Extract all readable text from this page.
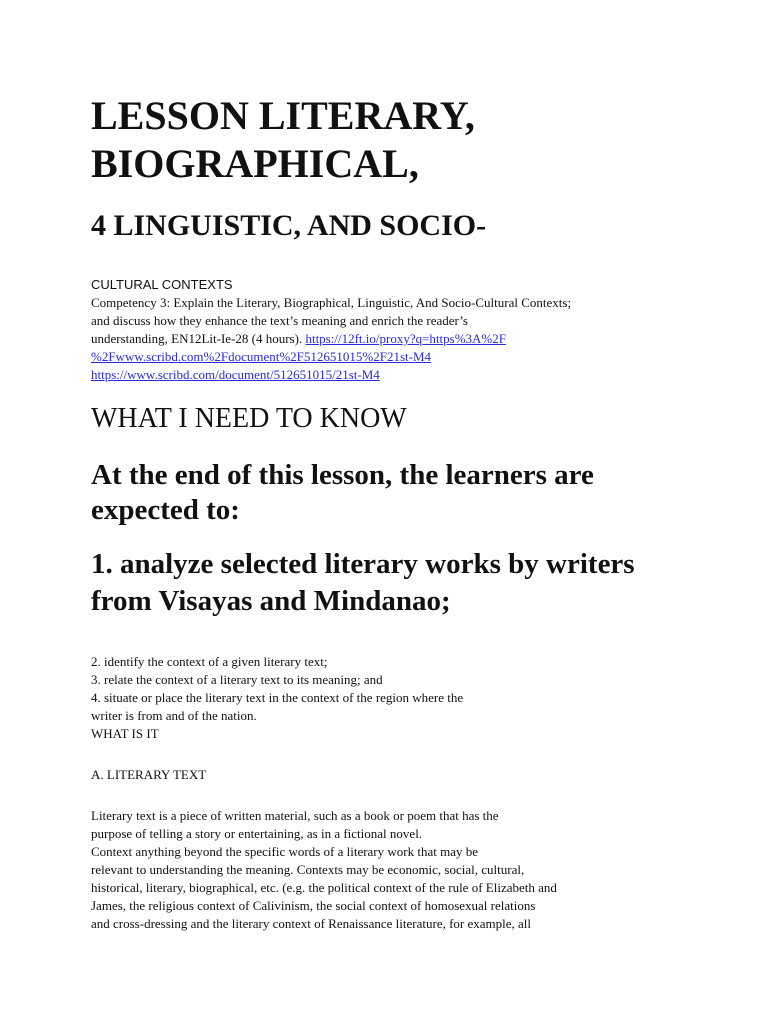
LESSON LITERARY,
BIOGRAPHICAL,
4 LINGUISTIC, AND SOCIO-

CULTURAL CONTEXTS

Competency 3: Explain the Literary, Biographical, Linguistic, And Socio-Cultural Contexts;

and discuss how they enhance the text’s meaning and enrich the reader’s

understanding, EN12Lit-Ie-28 (4 hours). https://12ft.io/proxy?q=https%3A%2F

%2Fwww.scribd.com%2Fdocument%2F512651015%2F21st-M4

https://www.scribd.com/document/512651015/21st-M4

WHAT I NEED TO KNOW
At the end of this lesson, the learners are
expected to:
1. analyze selected literary works by writers
from Visayas and Mindanao;

2. identify the context of a given literary text;

3. relate the context of a literary text to its meaning; and

4. situate or place the literary text in the context of the region where the

writer is from and of the nation.

WHAT IS IT

A. LITERARY TEXT

Literary text is a piece of written material, such as a book or poem that has the

purpose of telling a story or entertaining, as in a fictional novel.

Context anything beyond the specific words of a literary work that may be

relevant to understanding the meaning. Contexts may be economic, social, cultural,

historical, literary, biographical, etc. (e.g. the political context of the rule of Elizabeth and

James, the religious context of Calivinism, the social context of homosexual relations

and cross-dressing and the literary context of Renaissance literature, for example, all
